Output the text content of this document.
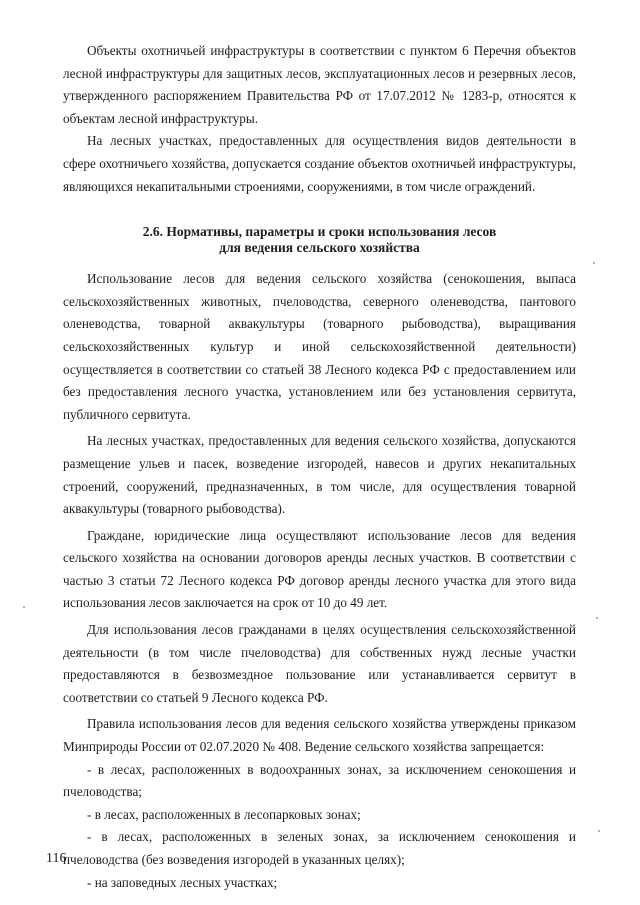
Объекты охотничьей инфраструктуры в соответствии с пунктом 6 Перечня объектов лесной инфраструктуры для защитных лесов, эксплуатационных лесов и резервных лесов, утвержденного распоряжением Правительства РФ от 17.07.2012 № 1283-р, относятся к объектам лесной инфраструктуры.

На лесных участках, предоставленных для осуществления видов деятельности в сфере охотничьего хозяйства, допускается создание объектов охотничьей инфраструктуры, являющихся некапитальными строениями, сооружениями, в том числе ограждений.

2.6. Нормативы, параметры и сроки использования лесов
для ведения сельского хозяйства

Использование лесов для ведения сельского хозяйства (сенокошения, выпаса сельскохозяйственных животных, пчеловодства, северного оленеводства, пантового оленеводства, товарной аквакультуры (товарного рыбоводства), выращивания сельскохозяйственных культур и иной сельскохозяйственной деятельности) осуществляется в соответствии со статьей 38 Лесного кодекса РФ с предоставлением или без предоставления лесного участка, установлением или без установления сервитута, публичного сервитута.

На лесных участках, предоставленных для ведения сельского хозяйства, допускаются размещение ульев и пасек, возведение изгородей, навесов и других некапитальных строений, сооружений, предназначенных, в том числе, для осуществления товарной аквакультуры (товарного рыбоводства).

Граждане, юридические лица осуществляют использование лесов для ведения сельского хозяйства на основании договоров аренды лесных участков. В соответствии с частью 3 статьи 72 Лесного кодекса РФ договор аренды лесного участка для этого вида использования лесов заключается на срок от 10 до 49 лет.

Для использования лесов гражданами в целях осуществления сельскохозяйственной деятельности (в том числе пчеловодства) для собственных нужд лесные участки предоставляются в безвозмездное пользование или устанавливается сервитут в соответствии со статьей 9 Лесного кодекса РФ.

Правила использования лесов для ведения сельского хозяйства утверждены приказом Минприроды России от 02.07.2020 № 408. Ведение сельского хозяйства запрещается:

- в лесах, расположенных в водоохранных зонах, за исключением сенокошения и пчеловодства;

- в лесах, расположенных в лесопарковых зонах;

- в лесах, расположенных в зеленых зонах, за исключением сенокошения и пчеловодства (без возведения изгородей в указанных целях);

- на заповедных лесных участках;

116
